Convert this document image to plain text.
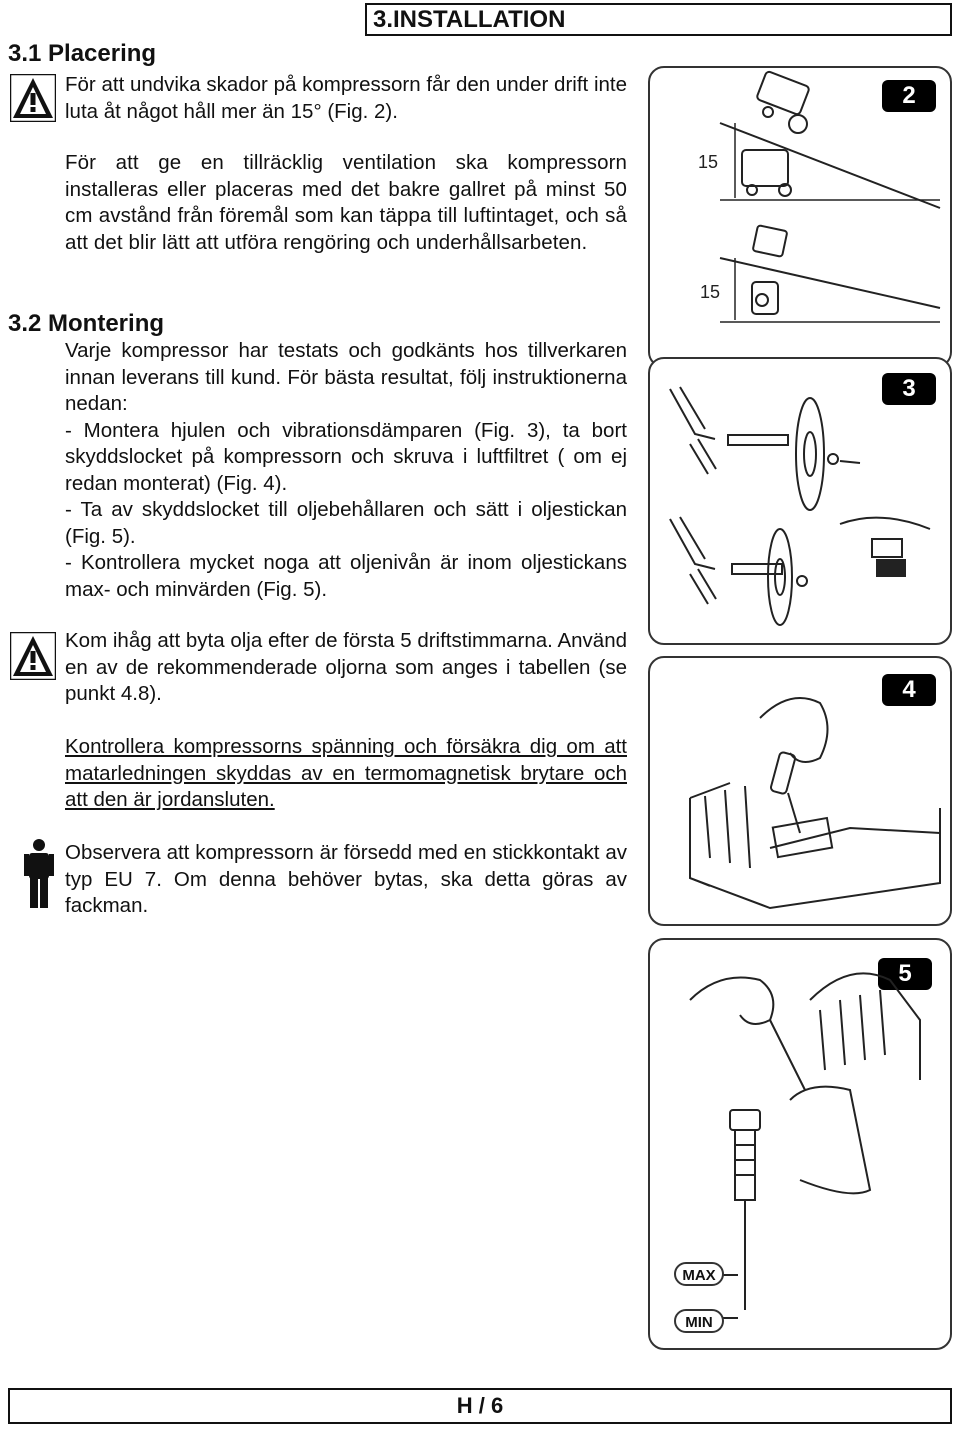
3.INSTALLATION
3.1 Placering
För att undvika skador på kompressorn får den under drift inte luta åt något håll mer än 15° (Fig. 2).
För att ge en tillräcklig ventilation ska kompressorn installeras eller placeras med det bakre gallret på minst 50 cm avstånd från föremål som kan täppa till luftintaget, och så att det blir lätt att utföra rengöring och underhållsarbeten.
3.2 Montering

Varje kompressor har testats och godkänts hos tillverkaren innan leverans till kund. För bästa resultat, följ instruktionerna nedan:

- Montera hjulen och vibrationsdämparen (Fig. 3), ta bort skyddslocket på kompressorn och skruva i luftfiltret ( om ej redan monterat) (Fig. 4).

- Ta av skyddslocket till oljebehållaren och sätt i oljestickan (Fig. 5).

- Kontrollera mycket noga att oljenivån är inom oljestickans max- och minvärden (Fig. 5).

Kom ihåg att byta olja efter de första 5 driftstimmarna. Använd en av de rekommenderade oljorna som anges i tabellen (se punkt 4.8).
Kontrollera kompressorns spänning och försäkra dig om att matarledningen skyddas av en termomagnetisk brytare och att den är jordansluten.
Observera att kompressorn är försedd med en stickkontakt av typ EU 7. Om denna behöver bytas, ska detta göras av fackman.
2
15
15
3
4
5
MAX
MIN
H / 6
